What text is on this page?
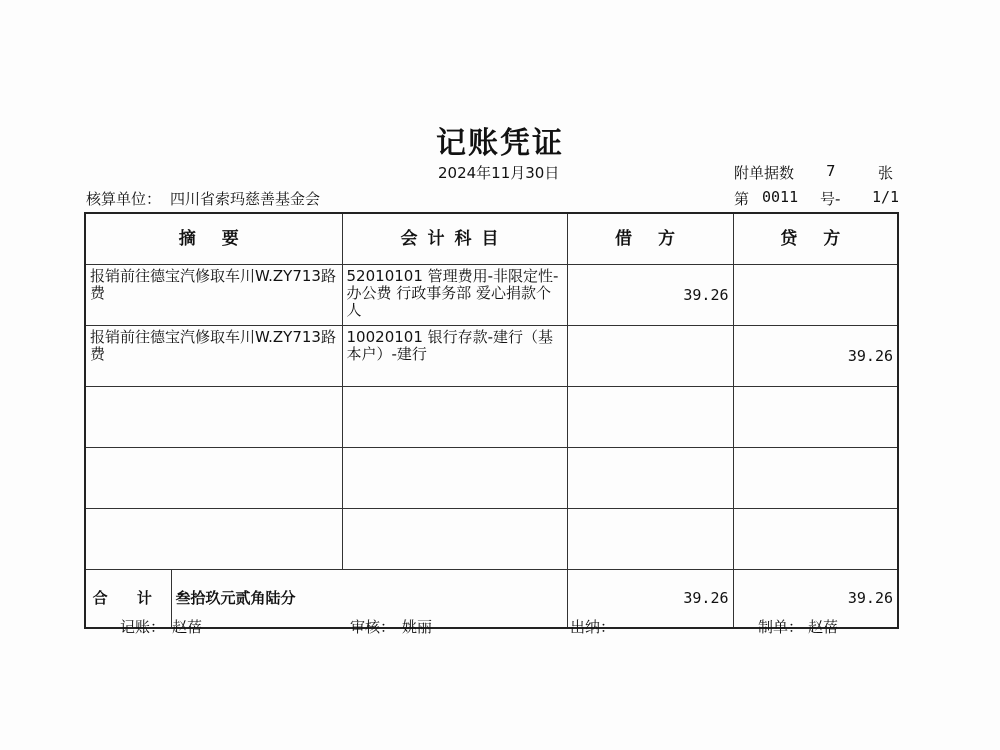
记账凭证
2024年11月30日	附单据数 7	张
核算单位： 四川省索玛慈善基金会	第 0011 号- 1/1
摘 要		会计科目	借 方	贷 方
报销前往德宝汽修取车川W.ZY713路费		52010101 管理费用-非限定性-办公费 行政事务部 爱心捐款个人	39.26	
报销前往德宝汽修取车川W.ZY713路费		10020101 银行存款-建行（基本户）-建行		39.26

合 计	叁拾玖元贰角陆分		39.26	39.26
记账： 赵蓓	审核： 姚丽	出纳：	制单： 赵蓓
